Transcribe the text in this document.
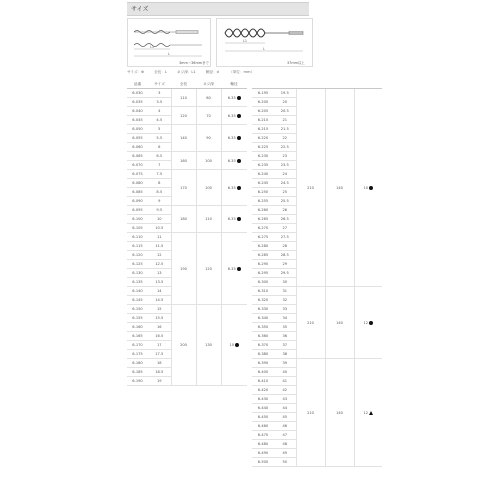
サイズ
L1
L
3mm〜36mmまで
L1
L
37mm以上
サイズ：Φ	全長：L	ネジ深：L1	軸径：d	（単位：mm）
品番	サイズ	全長	ネジ深	軸径
6-030	3	110	60	6.35
6-035	3.5			
6-040	4	120	70	6.35
6-045	4.5			
6-050	5	140	90	6.35
6-055	5.5			
6-060	6			
6-065	6.5	160	100	6.35
6-070	7			
6-075	7.5	170	100	6.35
6-080	8			
6-085	8.5			
6-090	9			
6-095	9.5	180	110	6.35
6-100	10			
6-105	10.5			
6-110	11	190	120	6.35
6-115	11.5			
6-120	12			
6-125	12.5			
6-130	13			
6-135	13.5			
6-140	14			
6-145	14.5			
6-150	15	200	130	10
6-155	15.5			
6-160	16			
6-165	16.5			
6-170	17			
6-175	17.5			
6-180	18			
6-185	18.5			
6-190	19			

6-195	19.5	210	140	10
6-200	20			
6-205	20.5			
6-210	21			
6-215	21.5			
6-220	22			
6-225	22.5			
6-230	23			
6-235	23.5			
6-240	24			
6-245	24.5			
6-250	25			
6-255	25.5			
6-260	26			
6-265	26.5			
6-270	27			
6-275	27.5			
6-280	28			
6-285	28.5			
6-290	29			
6-295	29.5			
6-300	30			
6-310	31	210	140	12
6-320	32			
6-330	33			
6-340	34			
6-350	35			
6-360	36			
6-370	37			
6-380	38			
6-390	39	210	140	12
6-400	40			
6-410	41			
6-420	42			
6-430	43			
6-440	44			
6-450	45			
6-460	46			
6-470	47			
6-480	48			
6-490	49			
6-500	50			
